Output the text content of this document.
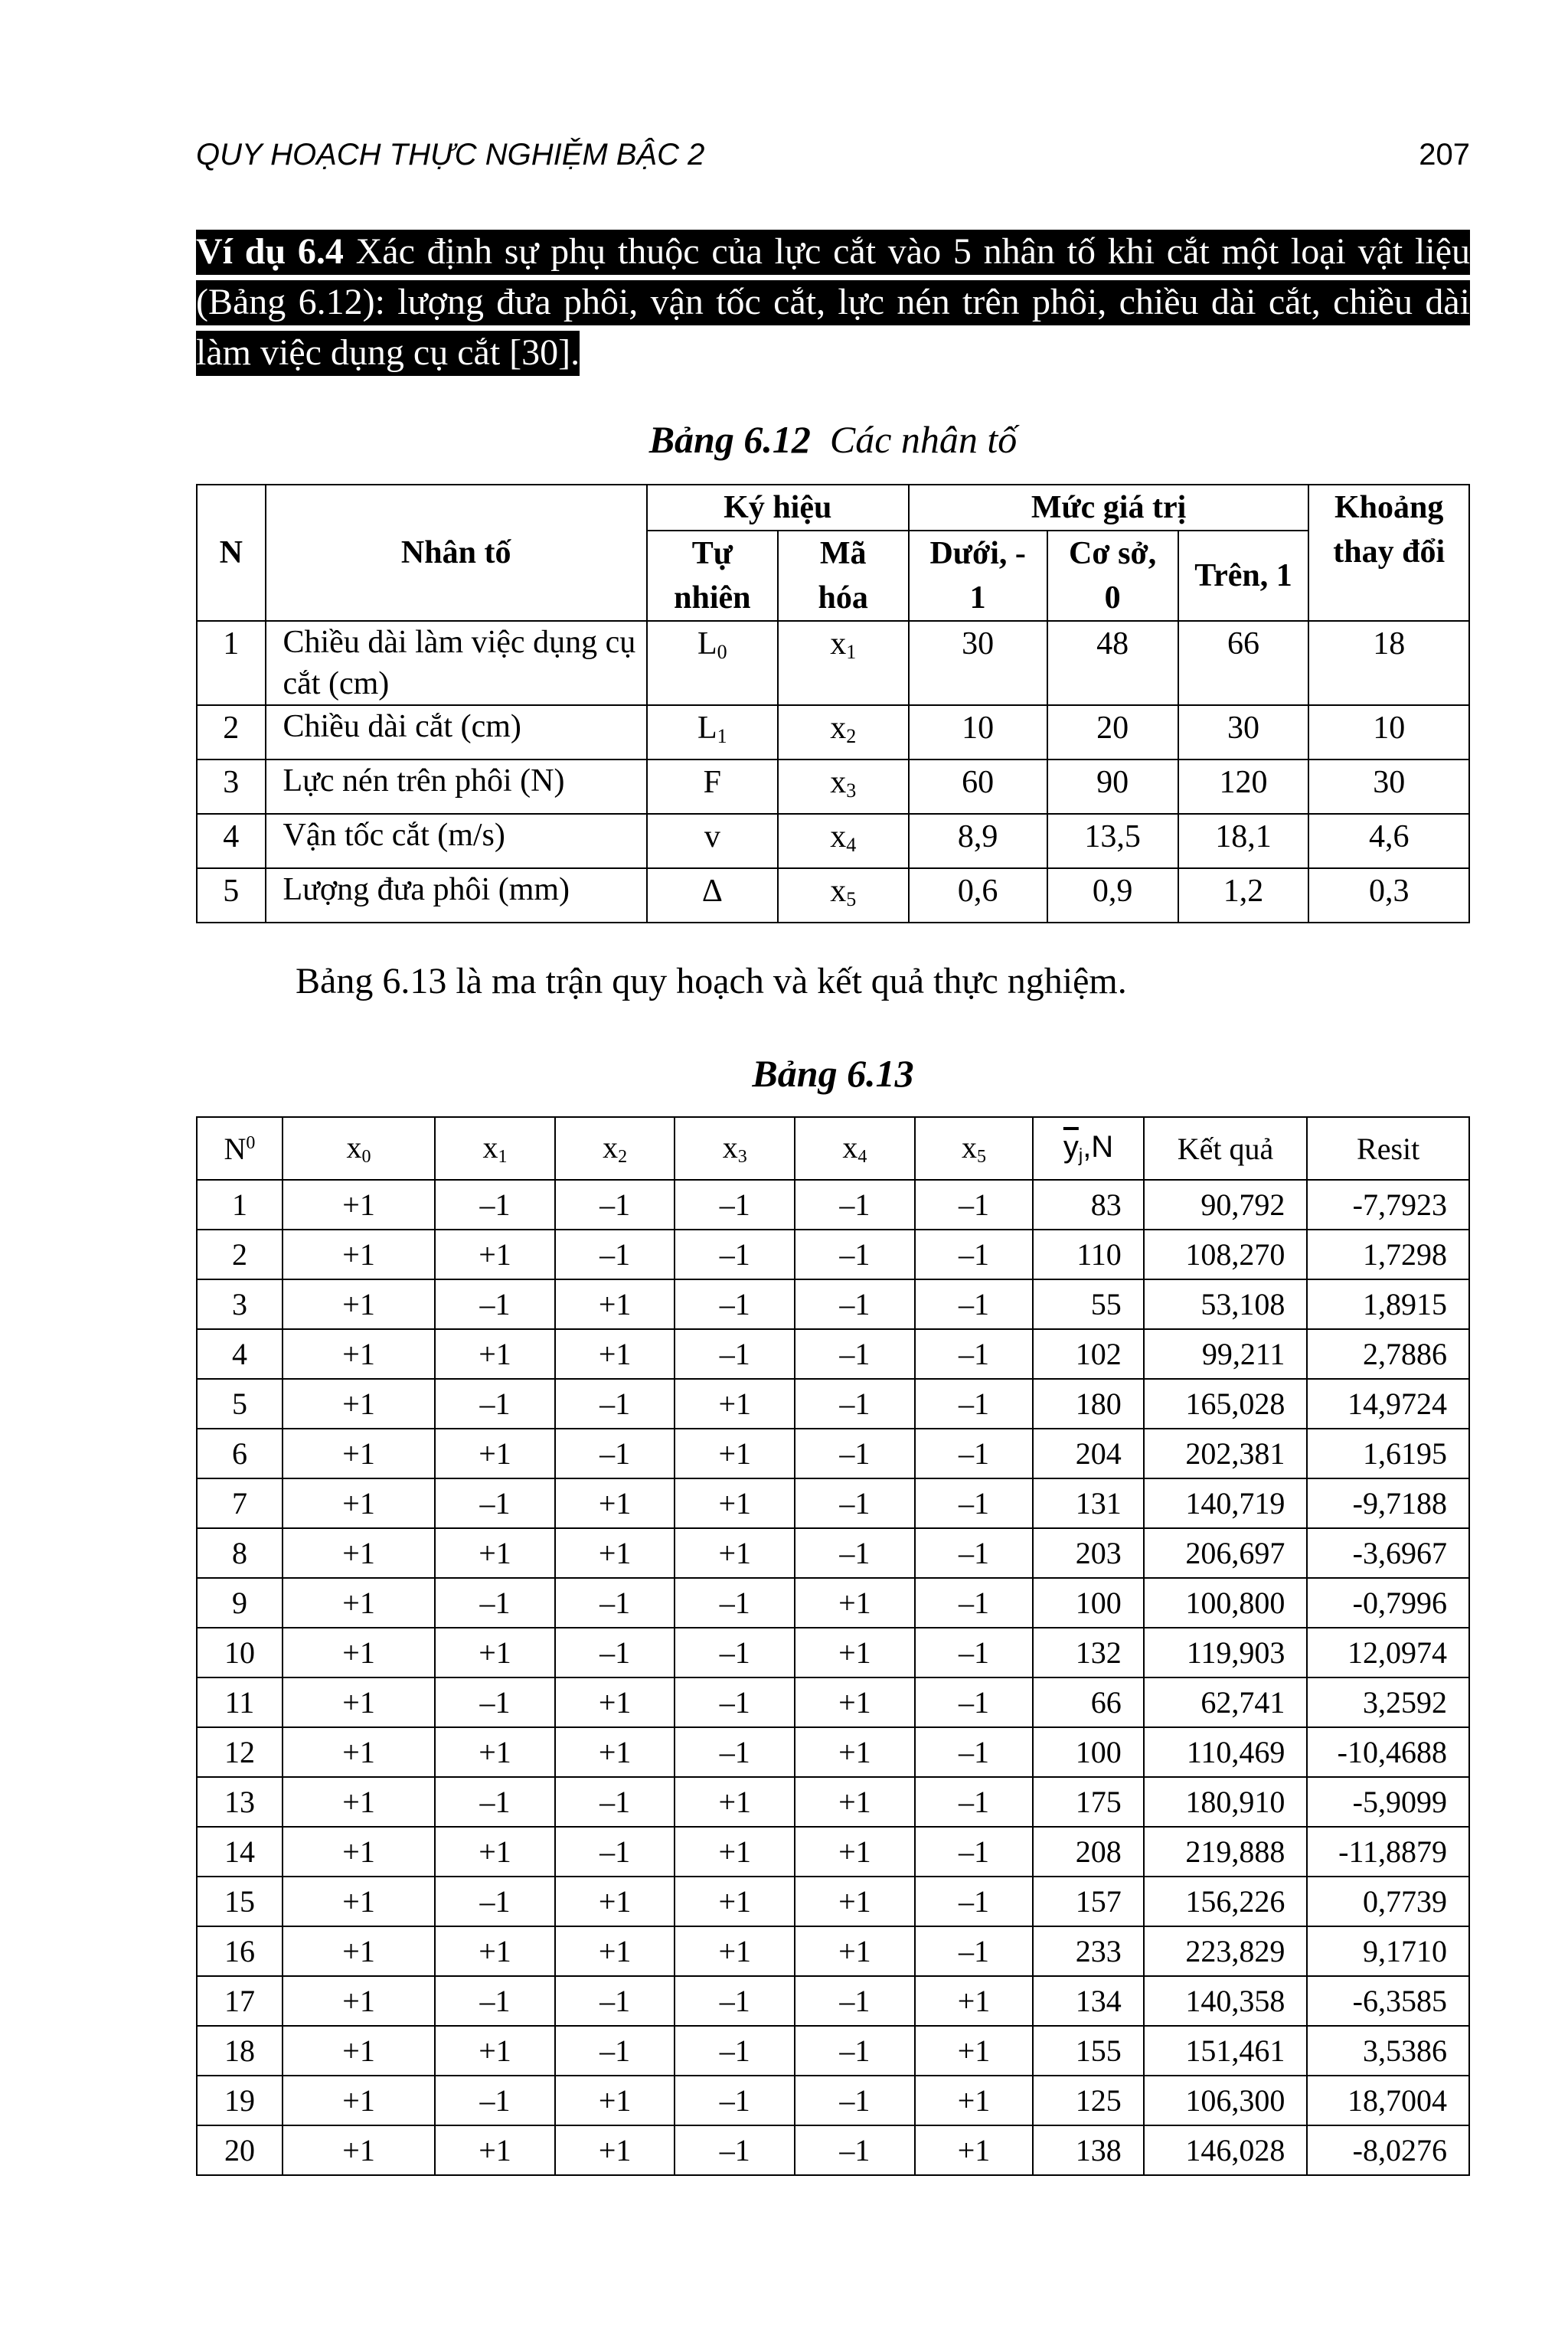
QUY HOẠCH THỰC NGHIỆM BẬC 2	207
Ví dụ 6.4 Xác định sự phụ thuộc của lực cắt vào 5 nhân tố khi cắt một loại vật liệu (Bảng 6.12): lượng đưa phôi, vận tốc cắt, lực nén trên phôi, chiều dài cắt, chiều dài làm việc dụng cụ cắt [30].
Bảng 6.12  Các nhân tố
N	Nhân tố	Ký hiệu		Mức giá trị			Khoảng thay đổi
		Tự nhiên	Mã hóa	Dưới, - 1	Cơ sở, 0	Trên, 1	
1	Chiều dài làm việc dụng cụ cắt (cm)	$L_0$	$x_1$	30	48	66	18
2	Chiều dài cắt (cm)	$L_1$	$x_2$	10	20	30	10
3	Lực nén trên phôi (N)	F	$x_3$	60	90	120	30
4	Vận tốc cắt (m/s)	v	$x_4$	8,9	13,5	18,1	4,6
5	Lượng đưa phôi (mm)	Δ	$x_5$	0,6	0,9	1,2	0,3
Bảng 6.13 là ma trận quy hoạch và kết quả thực nghiệm.
Bảng 6.13
$N^0$	$x_0$	$x_1$	$x_2$	$x_3$	$x_4$	$x_5$	$\overline{y}_j,N$	Kết quả	Resit
1	+1	–1	–1	–1	–1	–1	83	90,792	-7,7923
2	+1	+1	–1	–1	–1	–1	110	108,270	1,7298
3	+1	–1	+1	–1	–1	–1	55	53,108	1,8915
4	+1	+1	+1	–1	–1	–1	102	99,211	2,7886
5	+1	–1	–1	+1	–1	–1	180	165,028	14,9724
6	+1	+1	–1	+1	–1	–1	204	202,381	1,6195
7	+1	–1	+1	+1	–1	–1	131	140,719	-9,7188
8	+1	+1	+1	+1	–1	–1	203	206,697	-3,6967
9	+1	–1	–1	–1	+1	–1	100	100,800	-0,7996
10	+1	+1	–1	–1	+1	–1	132	119,903	12,0974
11	+1	–1	+1	–1	+1	–1	66	62,741	3,2592
12	+1	+1	+1	–1	+1	–1	100	110,469	-10,4688
13	+1	–1	–1	+1	+1	–1	175	180,910	-5,9099
14	+1	+1	–1	+1	+1	–1	208	219,888	-11,8879
15	+1	–1	+1	+1	+1	–1	157	156,226	0,7739
16	+1	+1	+1	+1	+1	–1	233	223,829	9,1710
17	+1	–1	–1	–1	–1	+1	134	140,358	-6,3585
18	+1	+1	–1	–1	–1	+1	155	151,461	3,5386
19	+1	–1	+1	–1	–1	+1	125	106,300	18,7004
20	+1	+1	+1	–1	–1	+1	138	146,028	-8,0276
